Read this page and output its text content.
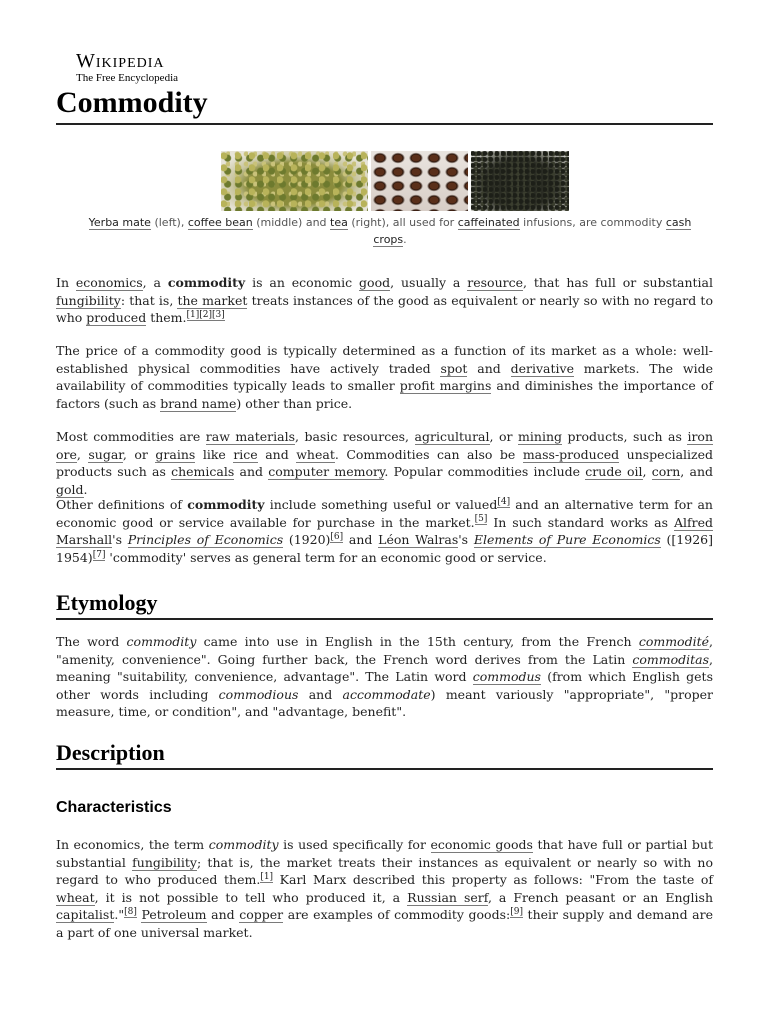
Wikipedia
The Free Encyclopedia
Commodity
Yerba mate (left), coffee bean (middle) and tea (right), all used for caffeinated infusions, are commodity cash crops.

In economics, a commodity is an economic good, usually a resource, that has full or substantial fungibility: that is, the market treats instances of the good as equivalent or nearly so with no regard to who produced them.[1][2][3]

The price of a commodity good is typically determined as a function of its market as a whole: well-established physical commodities have actively traded spot and derivative markets. The wide availability of commodities typically leads to smaller profit margins and diminishes the importance of factors (such as brand name) other than price.

Most commodities are raw materials, basic resources, agricultural, or mining products, such as iron ore, sugar, or grains like rice and wheat. Commodities can also be mass-produced unspecialized products such as chemicals and computer memory. Popular commodities include crude oil, corn, and gold.

Other definitions of commodity include something useful or valued[4] and an alternative term for an economic good or service available for purchase in the market.[5] In such standard works as Alfred Marshall's Principles of Economics (1920)[6] and Léon Walras's Elements of Pure Economics ([1926] 1954)[7] 'commodity' serves as general term for an economic good or service.

Etymology

The word commodity came into use in English in the 15th century, from the French commodité, "amenity, convenience". Going further back, the French word derives from the Latin commoditas, meaning "suitability, convenience, advantage". The Latin word commodus (from which English gets other words including commodious and accommodate) meant variously "appropriate", "proper measure, time, or condition", and "advantage, benefit".

Description
Characteristics

In economics, the term commodity is used specifically for economic goods that have full or partial but substantial fungibility; that is, the market treats their instances as equivalent or nearly so with no regard to who produced them.[1] Karl Marx described this property as follows: "From the taste of wheat, it is not possible to tell who produced it, a Russian serf, a French peasant or an English capitalist."[8] Petroleum and copper are examples of commodity goods:[9] their supply and demand are a part of one universal market.
